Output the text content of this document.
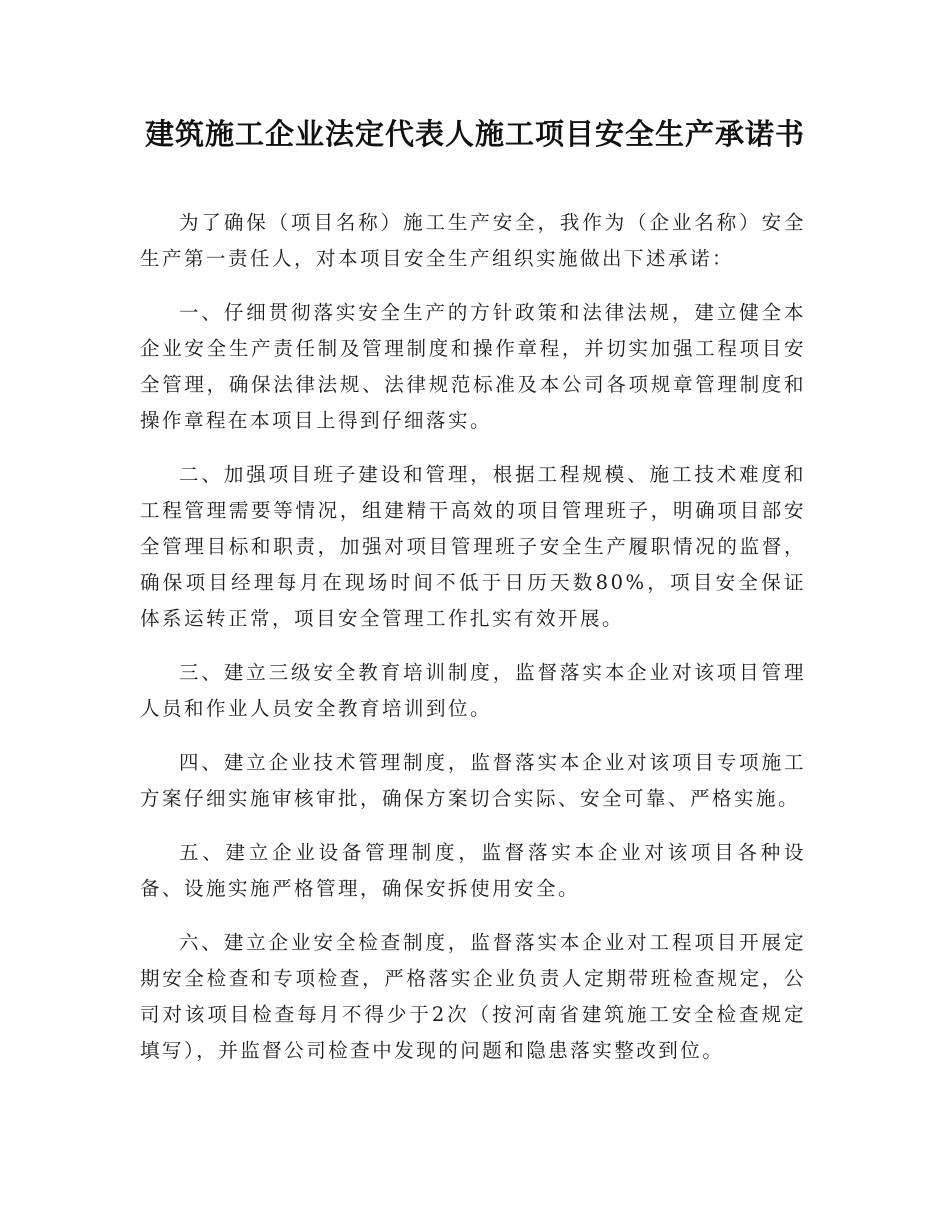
建筑施工企业法定代表人施工项目安全生产承诺书

为了确保（项目名称）施工生产安全，我作为（企业名称）安全生产第一责任人，对本项目安全生产组织实施做出下述承诺：

一、仔细贯彻落实安全生产的方针政策和法律法规，建立健全本企业安全生产责任制及管理制度和操作章程，并切实加强工程项目安全管理，确保法律法规、法律规范标准及本公司各项规章管理制度和操作章程在本项目上得到仔细落实。

二、加强项目班子建设和管理，根据工程规模、施工技术难度和工程管理需要等情况，组建精干高效的项目管理班子，明确项目部安全管理目标和职责，加强对项目管理班子安全生产履职情况的监督，确保项目经理每月在现场时间不低于日历天数80%，项目安全保证体系运转正常，项目安全管理工作扎实有效开展。

三、建立三级安全教育培训制度，监督落实本企业对该项目管理人员和作业人员安全教育培训到位。

四、建立企业技术管理制度，监督落实本企业对该项目专项施工方案仔细实施审核审批，确保方案切合实际、安全可靠、严格实施。

五、建立企业设备管理制度，监督落实本企业对该项目各种设备、设施实施严格管理，确保安拆使用安全。

六、建立企业安全检查制度，监督落实本企业对工程项目开展定期安全检查和专项检查，严格落实企业负责人定期带班检查规定，公司对该项目检查每月不得少于2次（按河南省建筑施工安全检查规定填写），并监督公司检查中发现的问题和隐患落实整改到位。
